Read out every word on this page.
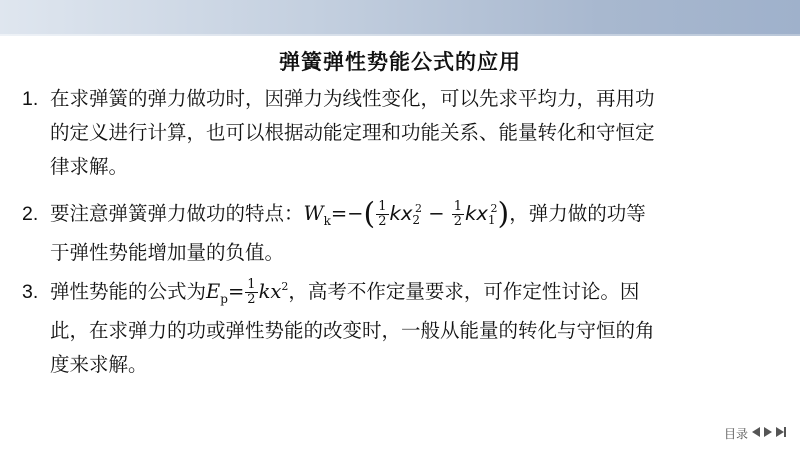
弹簧弹性势能公式的应用
1. 在求弹簧的弹力做功时，因弹力为线性变化，可以先求平均力，再用功
的定义进行计算，也可以根据动能定理和功能关系、能量转化和守恒定
律求解。
2. 要注意弹簧弹力做功的特点：$W_k=-( \frac{1}{2} kx_2^2 - \frac{1}{2} kx_1^2)$，弹力做的功等
于弹性势能增加量的负值。
3. 弹性势能的公式为$E_p= \frac{1}{2} kx^2$，高考不作定量要求，可作定性讨论。因
此，在求弹力的功或弹性势能的改变时，一般从能量的转化与守恒的角
度来求解。
目录
